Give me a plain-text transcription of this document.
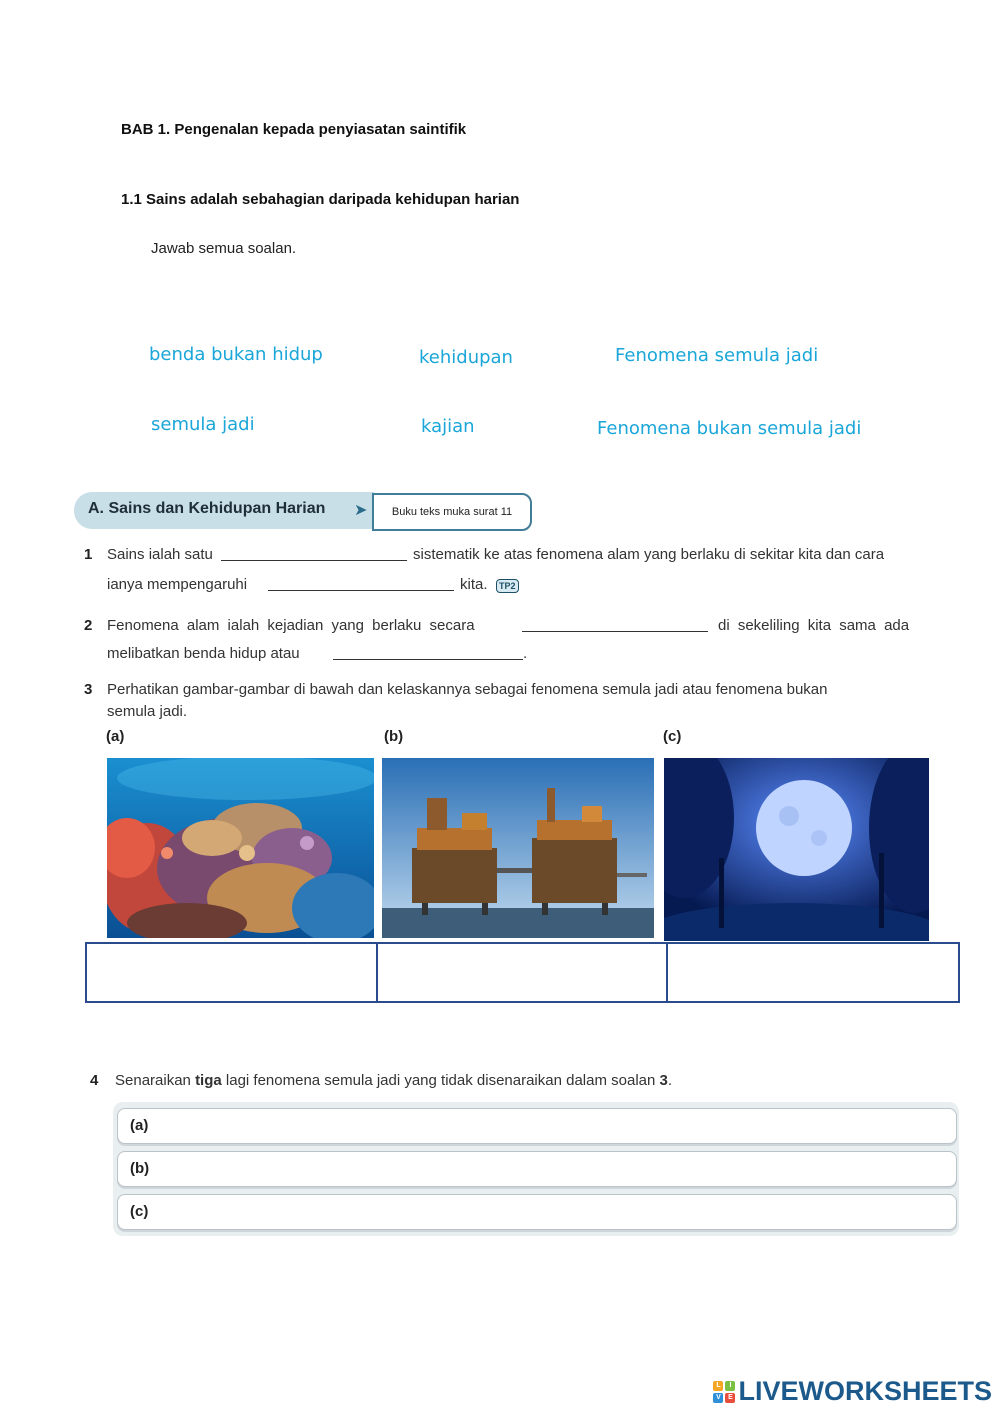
BAB 1. Pengenalan kepada penyiasatan saintifik
1.1 Sains adalah sebahagian daripada kehidupan harian
Jawab semua soalan.
benda bukan hidup	kehidupan	Fenomena semula jadi
semula jadi	kajian	Fenomena bukan semula jadi
A. Sains dan Kehidupan Harian ➤ Buku teks muka surat 11
1 Sains ialah satu	sistematik ke atas fenomena alam yang berlaku di sekitar kita dan cara
ianya mempengaruhi	kita.	TP2
2 Fenomena alam ialah kejadian yang berlaku secara	di sekeliling kita sama ada
melibatkan benda hidup atau	.
3 Perhatikan gambar-gambar di bawah dan kelaskannya sebagai fenomena semula jadi atau fenomena bukan
semula jadi.
(a)	(b)	(c)
4 Senaraikan tiga lagi fenomena semula jadi yang tidak disenaraikan dalam soalan 3.
(a)
(b)
(c)
L	I
V	E LIVEWORKSHEETS
